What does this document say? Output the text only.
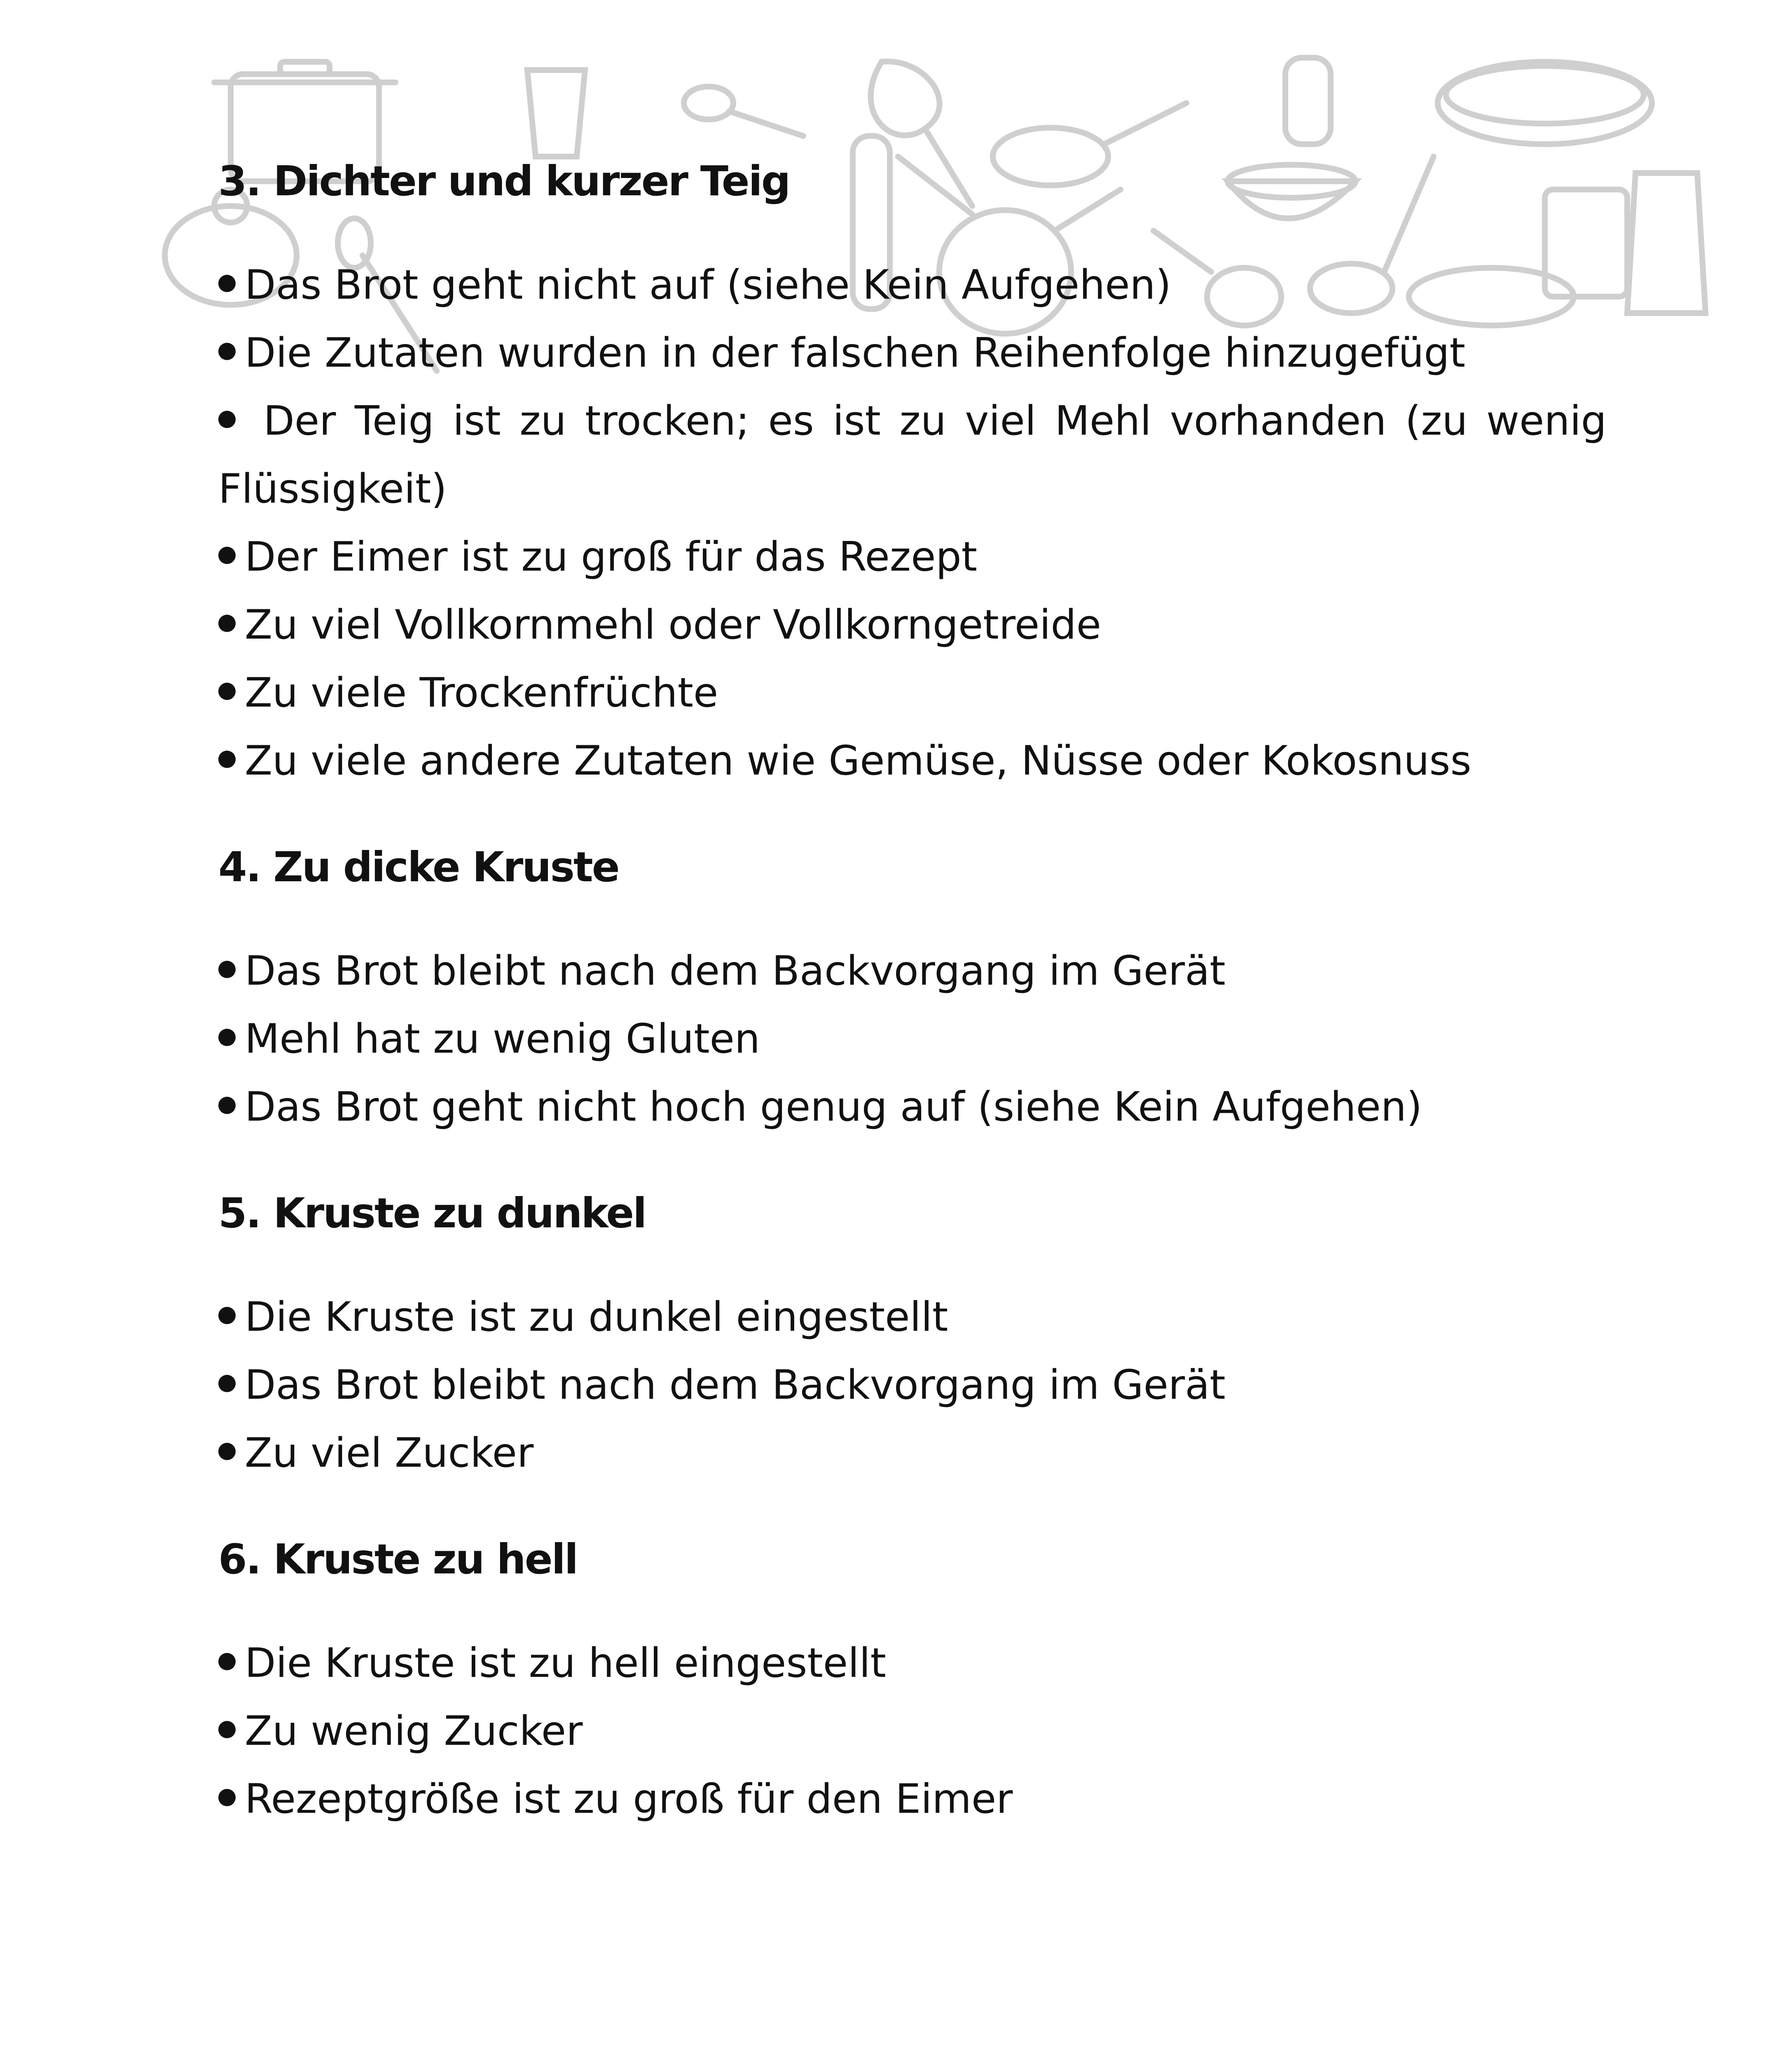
3. Dichter und kurzer Teig

Das Brot geht nicht auf (siehe Kein Aufgehen)

Die Zutaten wurden in der falschen Reihenfolge hinzugefügt

Der Teig ist zu trocken; es ist zu viel Mehl vorhanden (zu wenig Flüssigkeit)

Der Eimer ist zu groß für das Rezept

Zu viel Vollkornmehl oder Vollkorngetreide

Zu viele Trockenfrüchte

Zu viele andere Zutaten wie Gemüse, Nüsse oder Kokosnuss

4. Zu dicke Kruste

Das Brot bleibt nach dem Backvorgang im Gerät

Mehl hat zu wenig Gluten

Das Brot geht nicht hoch genug auf (siehe Kein Aufgehen)

5. Kruste zu dunkel

Die Kruste ist zu dunkel eingestellt

Das Brot bleibt nach dem Backvorgang im Gerät

Zu viel Zucker

6. Kruste zu hell

Die Kruste ist zu hell eingestellt

Zu wenig Zucker

Rezeptgröße ist zu groß für den Eimer
